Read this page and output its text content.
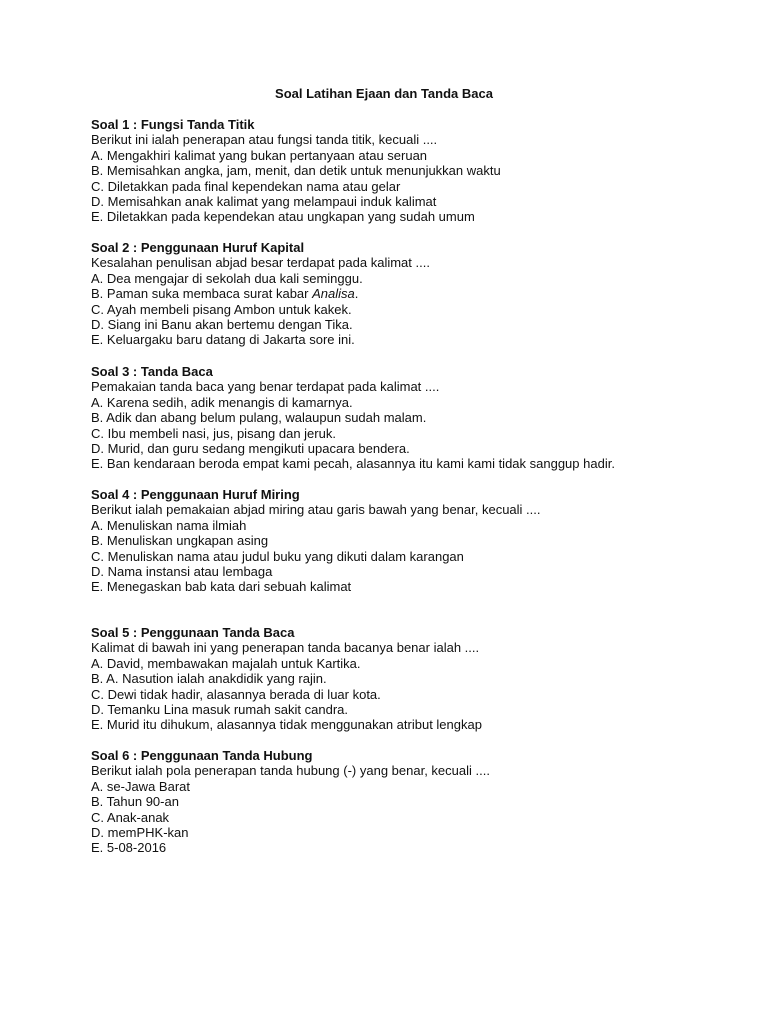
Soal Latihan Ejaan dan Tanda Baca
Soal 1 : Fungsi Tanda Titik
Berikut ini ialah penerapan atau fungsi tanda titik, kecuali ....
A. Mengakhiri kalimat yang bukan pertanyaan atau seruan
B. Memisahkan angka, jam, menit, dan detik untuk menunjukkan waktu
C. Diletakkan pada final kependekan nama atau gelar
D. Memisahkan anak kalimat yang melampaui induk kalimat
E. Diletakkan pada kependekan atau ungkapan yang sudah umum
Soal 2 : Penggunaan Huruf Kapital
Kesalahan penulisan abjad besar terdapat pada kalimat ....
A. Dea mengajar di sekolah dua kali seminggu.
B. Paman suka membaca surat kabar Analisa.
C. Ayah membeli pisang Ambon untuk kakek.
D. Siang ini Banu akan bertemu dengan Tika.
E. Keluargaku baru datang di Jakarta sore ini.
Soal 3 : Tanda Baca
Pemakaian tanda baca yang benar terdapat pada kalimat ....
A. Karena sedih, adik menangis di kamarnya.
B. Adik dan abang belum pulang, walaupun sudah malam.
C. Ibu membeli nasi, jus, pisang dan jeruk.
D. Murid, dan guru sedang mengikuti upacara bendera.
E. Ban kendaraan beroda empat kami pecah, alasannya itu kami kami tidak sanggup hadir.
Soal 4 : Penggunaan Huruf Miring
Berikut ialah pemakaian abjad miring atau garis bawah yang benar, kecuali ....
A. Menuliskan nama ilmiah
B. Menuliskan ungkapan asing
C. Menuliskan nama atau judul buku yang dikuti dalam karangan
D. Nama instansi atau lembaga
E. Menegaskan bab kata dari sebuah kalimat
Soal 5 : Penggunaan Tanda Baca
Kalimat di bawah ini yang penerapan tanda bacanya benar ialah ....
A. David, membawakan majalah untuk Kartika.
B. A. Nasution ialah anakdidik yang rajin.
C. Dewi tidak hadir, alasannya berada di luar kota.
D. Temanku Lina masuk rumah sakit candra.
E. Murid itu dihukum, alasannya tidak menggunakan atribut lengkap
Soal 6 : Penggunaan Tanda Hubung
Berikut ialah pola penerapan tanda hubung (-) yang benar, kecuali ....
A. se-Jawa Barat
B. Tahun 90-an
C. Anak-anak
D. memPHK-kan
E. 5-08-2016
